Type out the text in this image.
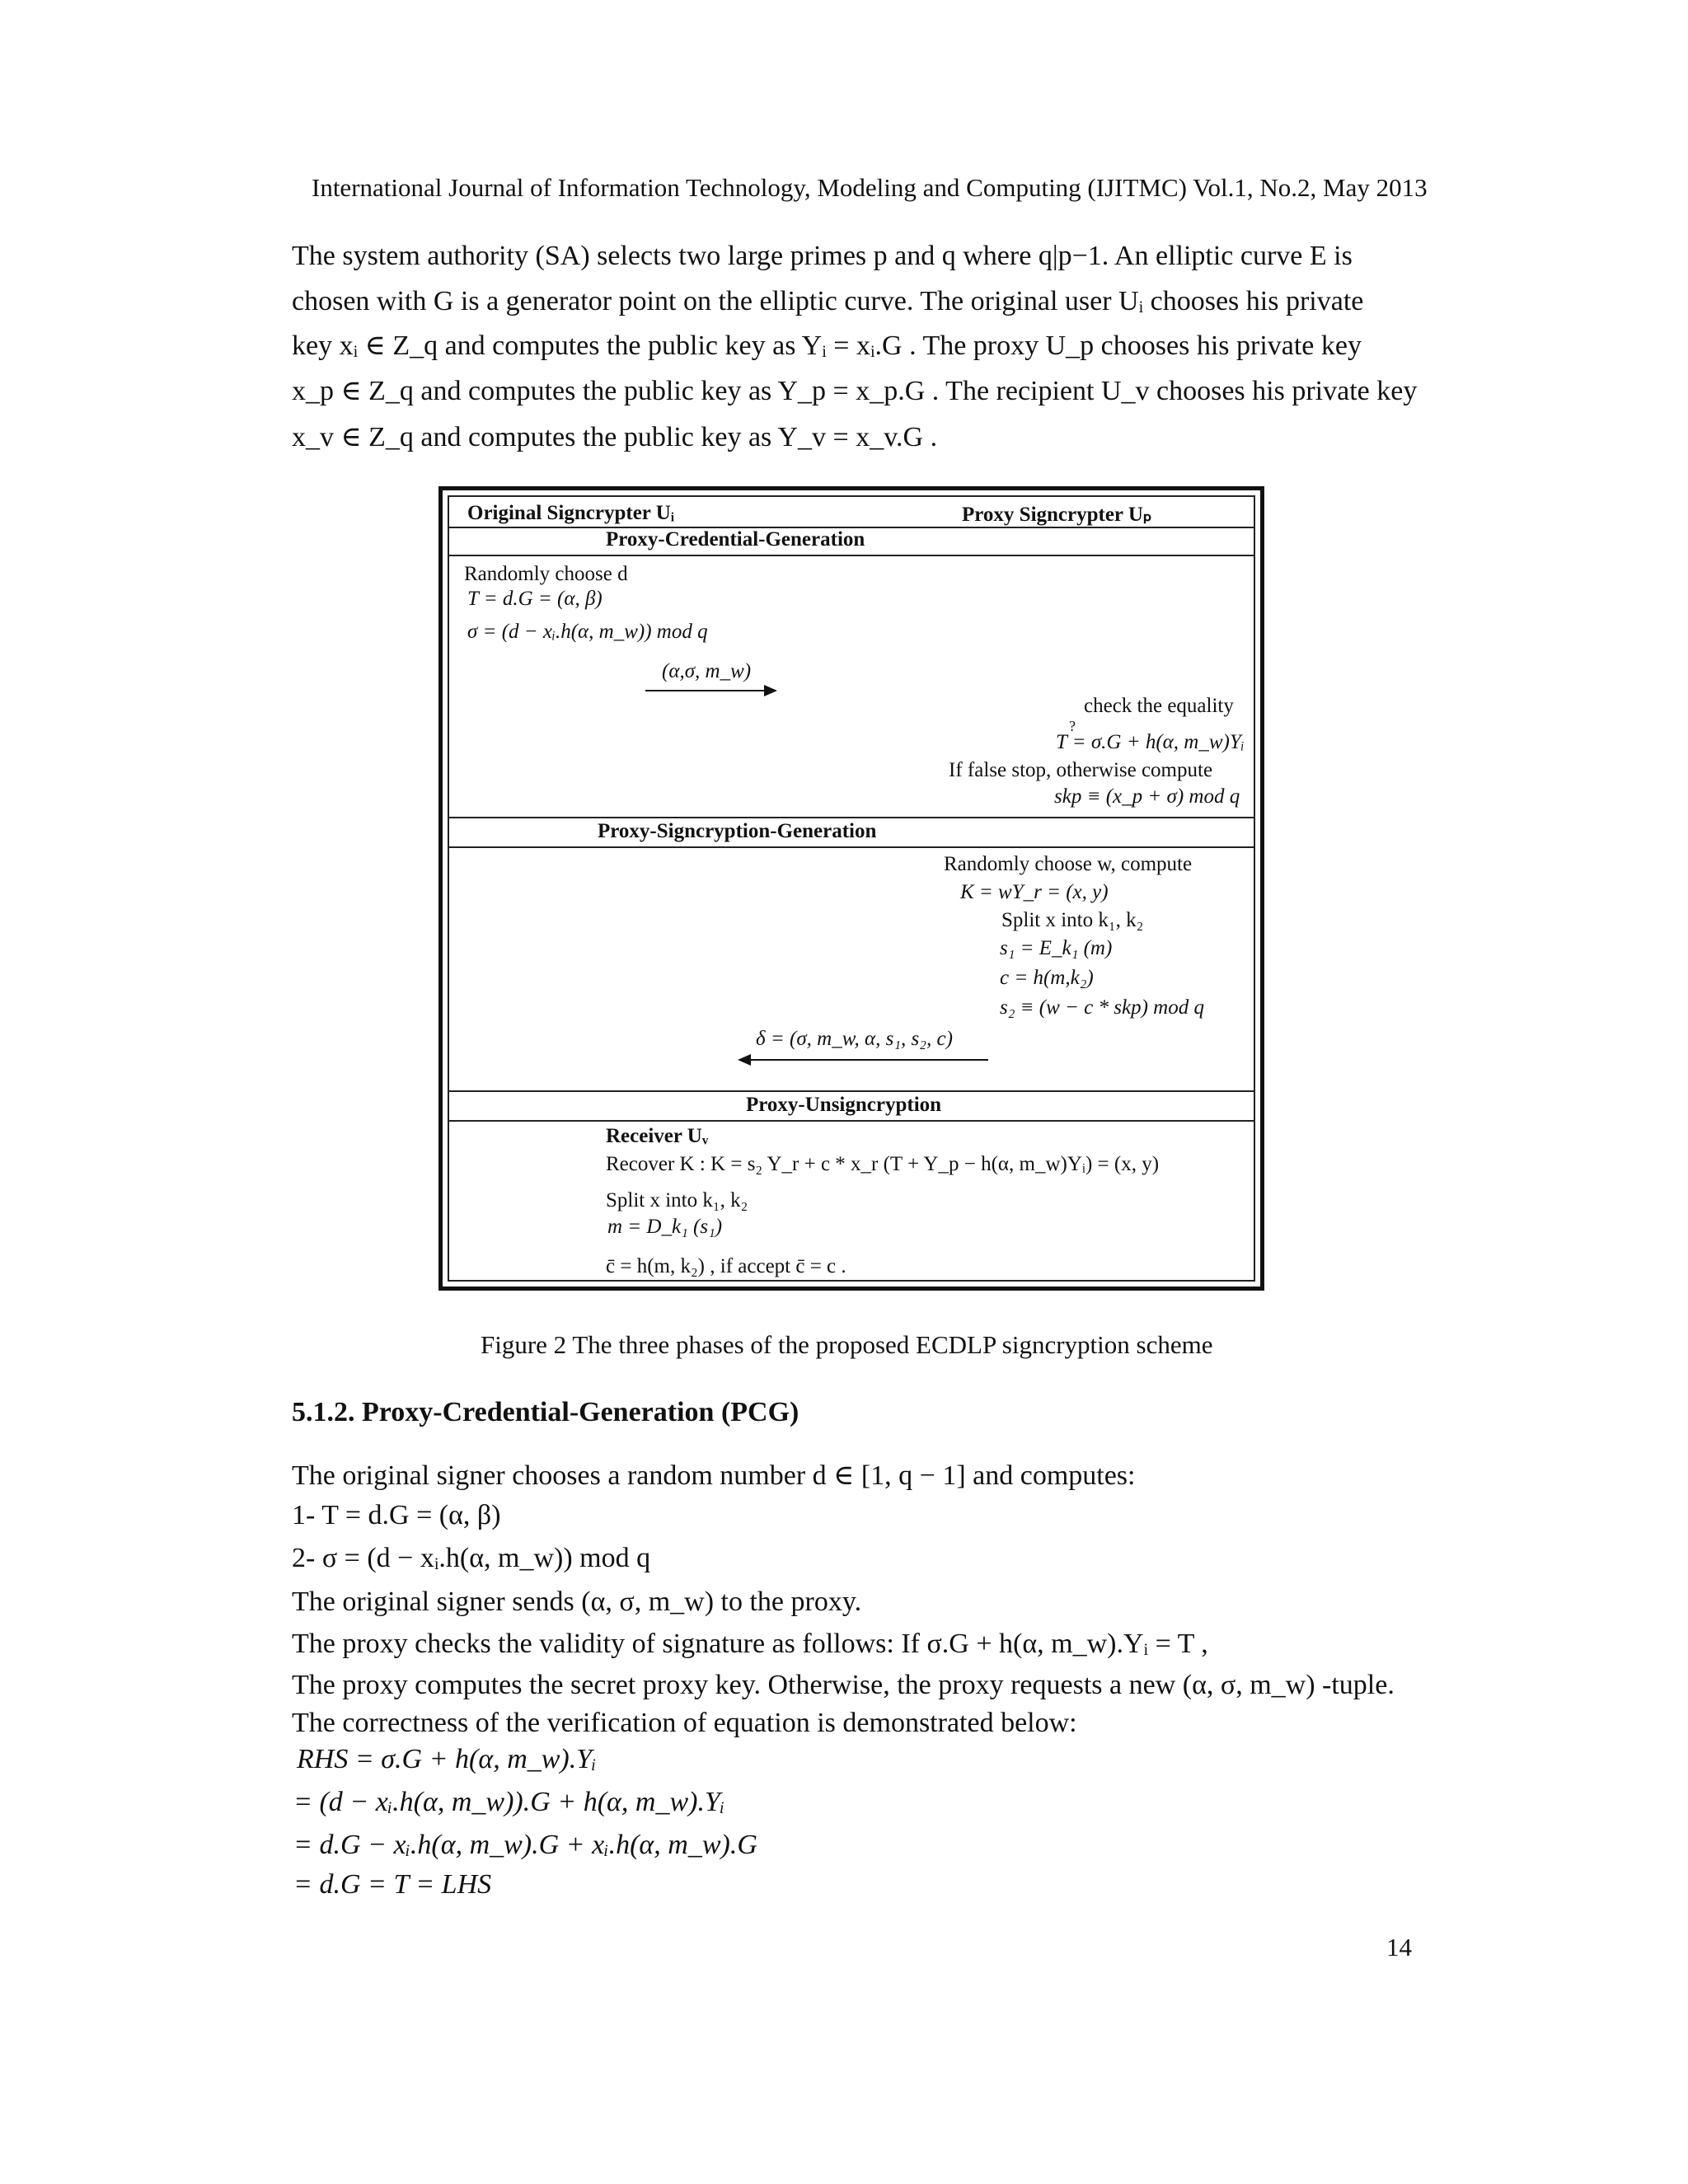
International Journal of Information Technology, Modeling and Computing (IJITMC) Vol.1, No.2, May 2013
The system authority (SA) selects two large primes p and q where q|p−1. An elliptic curve E is
chosen with G is a generator point on the elliptic curve. The original user Uᵢ chooses his private
key xᵢ ∈ Z_q and computes the public key as Yᵢ = xᵢ.G . The proxy U_p chooses his private key
x_p ∈ Z_q and computes the public key as Y_p = x_p.G . The recipient U_v chooses his private key
x_v ∈ Z_q and computes the public key as Y_v = x_v.G .
Original Signcrypter Uᵢ	Proxy Signcrypter Uₚ
Proxy-Credential-Generation
Randomly choose d
T = d.G = (α, β)
σ = (d − xᵢ.h(α, m_w)) mod q
(α,σ, m_w)
check the equality
?
T = σ.G + h(α, m_w)Yᵢ
If false stop, otherwise compute
skp ≡ (x_p + σ) mod q
Proxy-Signcryption-Generation
Randomly choose w, compute
K = wY_r = (x, y)
Split x into k₁, k₂
s₁ = E_k₁ (m)
c = h(m,k₂)
s₂ ≡ (w − c * skp) mod q
δ = (σ, m_w, α, s₁, s₂, c)
Proxy-Unsigncryption
Receiver Uᵥ
Recover K : K = s₂ Y_r + c * x_r (T + Y_p − h(α, m_w)Yᵢ) = (x, y)
Split x into k₁, k₂
m = D_k₁ (s₁)
c̄ = h(m, k₂) , if accept c̄ = c .
Figure 2 The three phases of the proposed ECDLP signcryption scheme
5.1.2. Proxy-Credential-Generation (PCG)
The original signer chooses a random number d ∈ [1, q − 1] and computes:
1- T = d.G = (α, β)
2- σ = (d − xᵢ.h(α, m_w)) mod q
The original signer sends (α, σ, m_w) to the proxy.
The proxy checks the validity of signature as follows: If σ.G + h(α, m_w).Yᵢ = T ,
The proxy computes the secret proxy key. Otherwise, the proxy requests a new (α, σ, m_w) -tuple.
The correctness of the verification of equation is demonstrated below:
RHS = σ.G + h(α, m_w).Yᵢ
= (d − xᵢ.h(α, m_w)).G + h(α, m_w).Yᵢ
= d.G − xᵢ.h(α, m_w).G + xᵢ.h(α, m_w).G
= d.G = T = LHS
14
